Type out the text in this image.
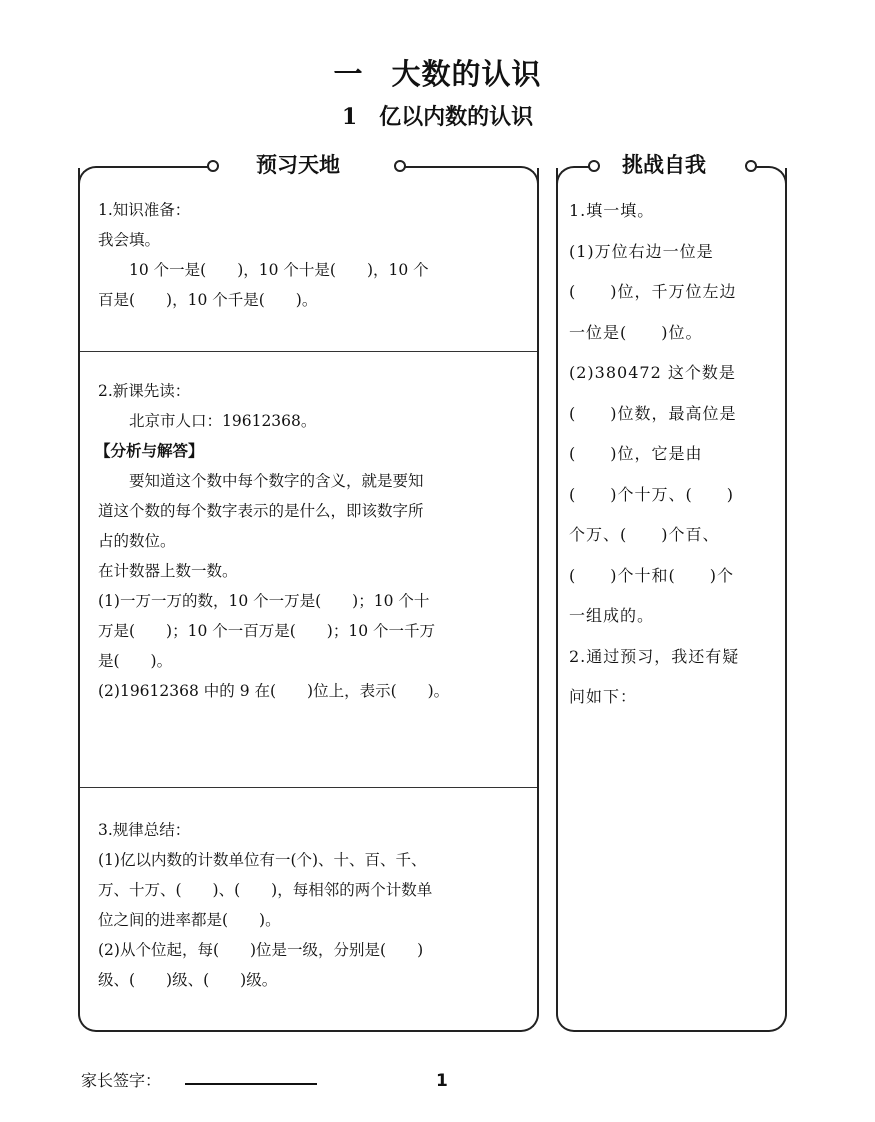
一 大数的认识
1 亿以内数的认识
预习天地	挑战自我

1.知识准备：

我会填。

10 个一是(　　)，10 个十是(　　)，10 个

百是(　　)，10 个千是(　　)。

2.新课先读：

北京市人口：19612368。

【分析与解答】

要知道这个数中每个数字的含义，就是要知

道这个数的每个数字表示的是什么，即该数字所

占的数位。

在计数器上数一数。

(1)一万一万的数，10 个一万是(　　)；10 个十

万是(　　)；10 个一百万是(　　)；10 个一千万

是(　　)。

(2)19612368 中的 9 在(　　)位上，表示(　　)。

3.规律总结：

(1)亿以内数的计数单位有一(个)、十、百、千、

万、十万、(　　)、(　　)，每相邻的两个计数单

位之间的进率都是(　　)。

(2)从个位起，每(　　)位是一级，分别是(　　)

级、(　　)级、(　　)级。

1.填一填。

(1)万位右边一位是

(　　)位，千万位左边

一位是(　　)位。

(2)380472 这个数是

(　　)位数，最高位是

(　　)位，它是由

(　　)个十万、(　　)

个万、(　　)个百、

(　　)个十和(　　)个

一组成的。

2.通过预习，我还有疑

问如下：

家长签字：	1
